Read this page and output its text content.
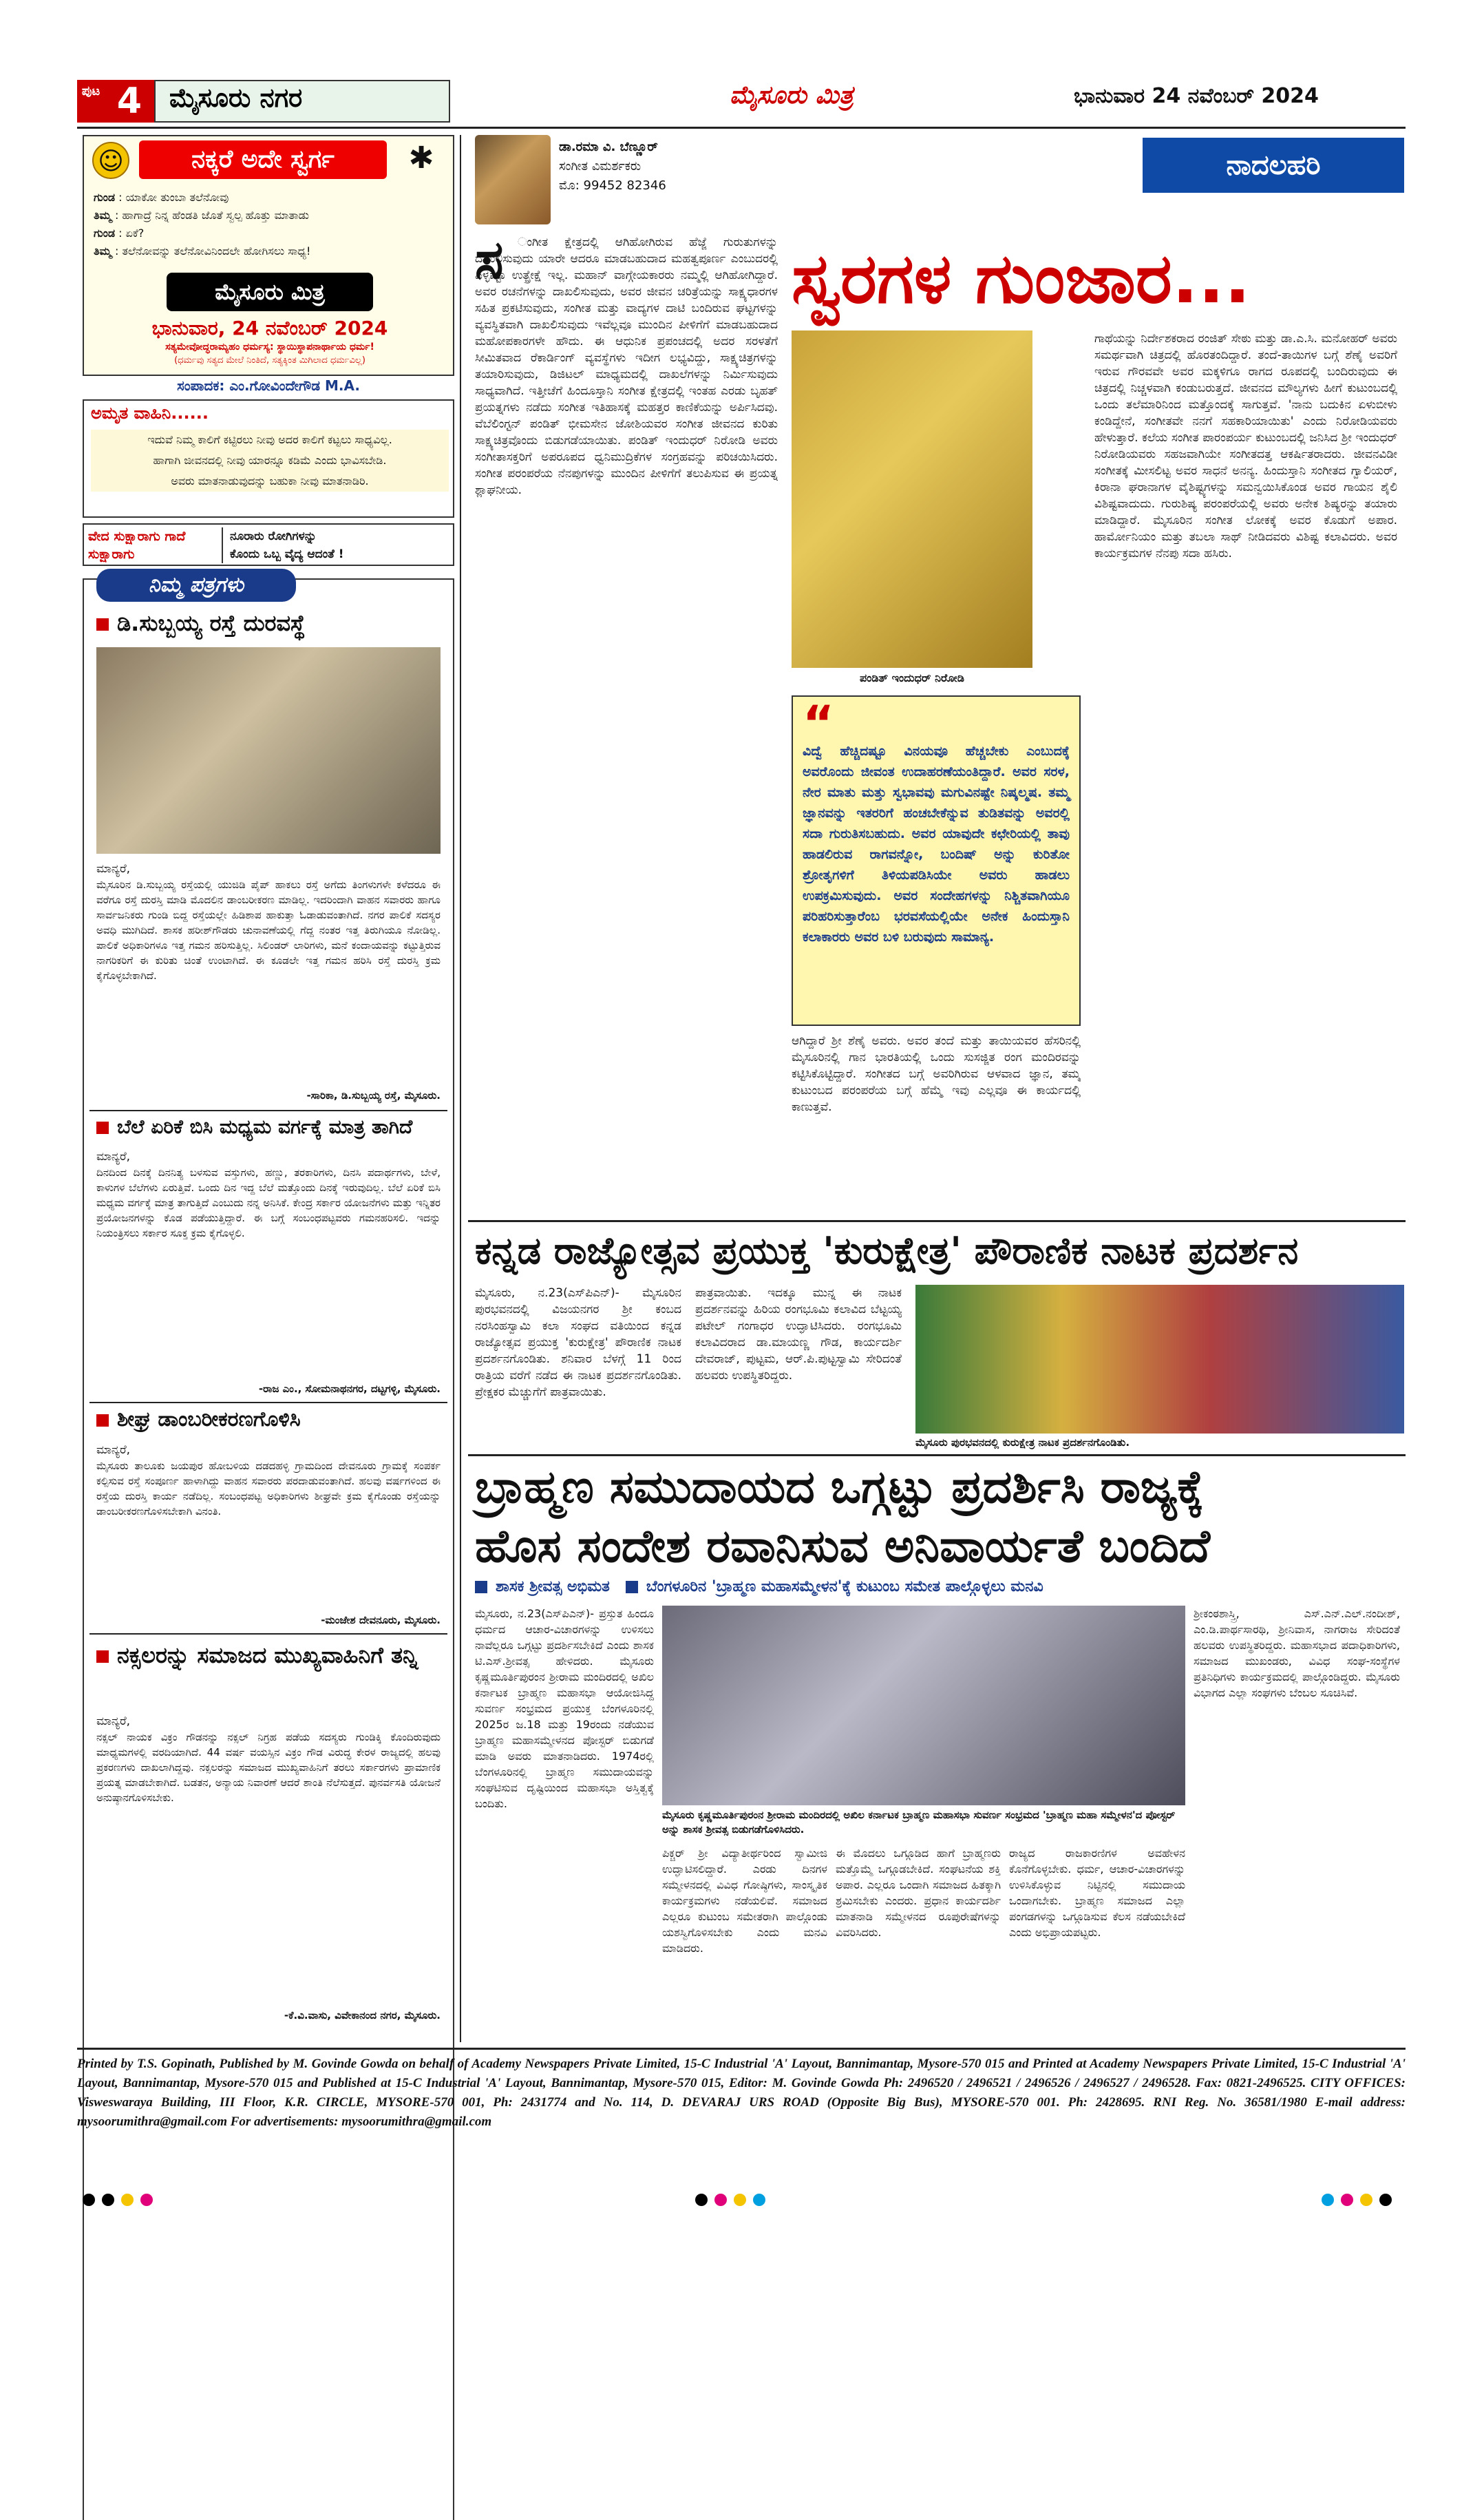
ಪುಟ 4	ಮೈಸೂರು ನಗರ	ಮೈಸೂರು ಮಿತ್ರ	ಭಾನುವಾರ 24 ನವೆಂಬರ್ 2024
☺	ನಕ್ಕರೆ ಅದೇ ಸ್ವರ್ಗ	✱
ಗುಂಡ : ಯಾಕೋ ತುಂಬಾ ತಲೆನೋವು
ತಿಮ್ಮ : ಹಾಗಾದ್ರೆ ನಿನ್ನ ಹೆಂಡತಿ ಜೊತೆ ಸ್ವಲ್ಪ ಹೊತ್ತು ಮಾತಾಡು
ಗುಂಡ : ಏಕೆ?
ತಿಮ್ಮ : ತಲೆನೋವನ್ನು ತಲೆನೋವಿನಿಂದಲೇ ಹೋಗಿಸಲು ಸಾಧ್ಯ!
ಮೈಸೂರು ಮಿತ್ರ
ಭಾನುವಾರ, 24 ನವೆಂಬರ್ 2024
ಸತ್ಯಮೇವೋದ್ಧರಾಮ್ಯಹಂ ಧರ್ಮಸ್ಯ: ಸ್ಥಾಯಿಸ್ಥಾಪನಾರ್ಥಾಯ ಧರ್ಮ!
(ಧರ್ಮವು ಸತ್ಯದ ಮೇಲೆ ನಿಂತಿದೆ, ಸತ್ಯಕ್ಕಿಂತ ಮಿಗಿಲಾದ ಧರ್ಮವಿಲ್ಲ)
ಸಂಪಾದಕ: ಎಂ.ಗೋವಿಂದೇಗೌಡ M.A.
ಅಮೃತ ವಾಹಿನಿ......
ಇದುವೆ ನಿಮ್ಮ ಕಾಲಿಗೆ ಕಟ್ಟಿರಲು ನೀವು ಅದರ ಕಾಲಿಗೆ ಕಟ್ಟಲು ಸಾಧ್ಯವಿಲ್ಲ.
ಹಾಗಾಗಿ ಜೀವನದಲ್ಲಿ ನೀವು ಯಾರನ್ನೂ ಕಡಿಮೆ ಎಂದು ಭಾವಿಸಬೇಡಿ.
ಅವರು ಮಾತನಾಡುವುದನ್ನು ಬಹುಕಾ ನೀವು ಮಾತನಾಡಿರಿ.
ವೇದ ಸುಕ್ಷಾರಾಗು ಗಾದೆ ಸುಕ್ಷಾರಾಗು
ನೂರಾರು ರೋಗಿಗಳನ್ನು
ಕೊಂದು ಒಬ್ಬ ವೈದ್ಯ ಆದಂತೆ !
ನಿಮ್ಮ ಪತ್ರಗಳು
ಡಿ.ಸುಬ್ಬಯ್ಯ ರಸ್ತೆ ದುರವಸ್ಥೆ
ಮಾನ್ಯರೆ,
ಮೈಸೂರಿನ ಡಿ.ಸುಬ್ಬಯ್ಯ ರಸ್ತೆಯಲ್ಲಿ ಯುಜಿಡಿ ಪೈಪ್ ಹಾಕಲು ರಸ್ತೆ ಅಗೆದು ತಿಂಗಳುಗಳೇ ಕಳೆದರೂ ಈ ವರೆಗೂ ರಸ್ತೆ ದುರಸ್ತಿ ಮಾಡಿ ಮೊದಲಿನ ಡಾಂಬರೀಕರಣ ಮಾಡಿಲ್ಲ. ಇದರಿಂದಾಗಿ ವಾಹನ ಸವಾರರು ಹಾಗೂ ಸಾರ್ವಜನಿಕರು ಗುಂಡಿ ಬಿದ್ದ ರಸ್ತೆಯಲ್ಲೇ ಹಿಡಿಶಾಪ ಹಾಕುತ್ತಾ ಓಡಾಡುವಂತಾಗಿದೆ. ನಗರ ಪಾಲಿಕೆ ಸದಸ್ಯರ ಅವಧಿ ಮುಗಿದಿದೆ. ಶಾಸಕ ಹರೀಶ್‌ಗೌಡರು ಚುನಾವಣೆಯಲ್ಲಿ ಗೆದ್ದ ನಂತರ ಇತ್ತ ತಿರುಗಿಯೂ ನೋಡಿಲ್ಲ. ಪಾಲಿಕೆ ಅಧಿಕಾರಿಗಳೂ ಇತ್ತ ಗಮನ ಹರಿಸುತ್ತಿಲ್ಲ. ಸಿಲಿಂಡರ್ ಲಾರಿಗಳು, ಮನೆ ಕಂದಾಯವನ್ನು ಕಟ್ಟುತ್ತಿರುವ ನಾಗರಿಕರಿಗೆ ಈ ಕುರಿತು ಚಿಂತೆ ಉಂಟಾಗಿದೆ. ಈ ಕೂಡಲೇ ಇತ್ತ ಗಮನ ಹರಿಸಿ ರಸ್ತೆ ದುರಸ್ತಿ ಕ್ರಮ ಕೈಗೊಳ್ಳಬೇಕಾಗಿದೆ.
-ಸಾರಿಕಾ, ಡಿ.ಸುಬ್ಬಯ್ಯ ರಸ್ತೆ, ಮೈಸೂರು.
ಬೆಲೆ ಏರಿಕೆ ಬಿಸಿ ಮಧ್ಯಮ ವರ್ಗಕ್ಕೆ ಮಾತ್ರ ತಾಗಿದೆ
ಮಾನ್ಯರೆ,
ದಿನದಿಂದ ದಿನಕ್ಕೆ ದಿನನಿತ್ಯ ಬಳಸುವ ವಸ್ತುಗಳು, ಹಣ್ಣು, ತರಕಾರಿಗಳು, ದಿನಸಿ ಪದಾರ್ಥಗಳು, ಬೇಳೆ, ಕಾಳುಗಳ ಬೆಲೆಗಳು ಏರುತ್ತಿವೆ. ಒಂದು ದಿನ ಇದ್ದ ಬೆಲೆ ಮತ್ತೊಂದು ದಿನಕ್ಕೆ ಇರುವುದಿಲ್ಲ. ಬೆಲೆ ಏರಿಕೆ ಬಿಸಿ ಮಧ್ಯಮ ವರ್ಗಕ್ಕೆ ಮಾತ್ರ ತಾಗುತ್ತಿದೆ ಎಂಬುದು ನನ್ನ ಅನಿಸಿಕೆ. ಕೇಂದ್ರ ಸರ್ಕಾರ ಯೋಜನೆಗಳು ಮತ್ತು ಇನ್ನಿತರ ಪ್ರಯೋಜನಗಳನ್ನು ಕೊಡ ಪಡೆಯುತ್ತಿದ್ದಾರೆ. ಈ ಬಗ್ಗೆ ಸಂಬಂಧಪಟ್ಟವರು ಗಮನಹರಿಸಲಿ. ಇದನ್ನು ನಿಯಂತ್ರಿಸಲು ಸರ್ಕಾರ ಸೂಕ್ತ ಕ್ರಮ ಕೈಗೊಳ್ಳಲಿ.
-ರಾಜ ಎಂ., ಸೋಮನಾಥನಗರ, ದಟ್ಟಗಳ್ಳಿ, ಮೈಸೂರು.
ಶೀಘ್ರ ಡಾಂಬರೀಕರಣಗೊಳಿಸಿ
ಮಾನ್ಯರೆ,
ಮೈಸೂರು ತಾಲೂಕು ಜಯಪುರ ಹೋಬಳಿಯ ದಡದಹಳ್ಳಿ ಗ್ರಾಮದಿಂದ ದೇವನೂರು ಗ್ರಾಮಕ್ಕೆ ಸಂಪರ್ಕ ಕಲ್ಪಿಸುವ ರಸ್ತೆ ಸಂಪೂರ್ಣ ಹಾಳಾಗಿದ್ದು ವಾಹನ ಸವಾರರು ಪರದಾಡುವಂತಾಗಿದೆ. ಹಲವು ವರ್ಷಗಳಿಂದ ಈ ರಸ್ತೆಯ ದುರಸ್ತಿ ಕಾರ್ಯ ನಡೆದಿಲ್ಲ. ಸಂಬಂಧಪಟ್ಟ ಅಧಿಕಾರಿಗಳು ಶೀಘ್ರವೇ ಕ್ರಮ ಕೈಗೊಂಡು ರಸ್ತೆಯನ್ನು ಡಾಂಬರೀಕರಣಗೊಳಿಸಬೇಕಾಗಿ ವಿನಂತಿ.
-ಮಂಜೇಶ ದೇವನೂರು, ಮೈಸೂರು.
ನಕ್ಸಲರನ್ನು ಸಮಾಜದ ಮುಖ್ಯವಾಹಿನಿಗೆ ತನ್ನಿ
ಮಾನ್ಯರೆ,
ನಕ್ಸಲ್ ನಾಯಕ ವಿಕ್ರಂ ಗೌಡನನ್ನು ನಕ್ಸಲ್ ನಿಗ್ರಹ ಪಡೆಯ ಸದಸ್ಯರು ಗುಂಡಿಕ್ಕಿ ಕೊಂದಿರುವುದು ಮಾಧ್ಯಮಗಳಲ್ಲಿ ವರದಿಯಾಗಿದೆ. 44 ವರ್ಷ ವಯಸ್ಸಿನ ವಿಕ್ರಂ ಗೌಡ ವಿರುದ್ಧ ಕೇರಳ ರಾಜ್ಯದಲ್ಲಿ ಹಲವು ಪ್ರಕರಣಗಳು ದಾಖಲಾಗಿದ್ದವು. ನಕ್ಸಲರನ್ನು ಸಮಾಜದ ಮುಖ್ಯವಾಹಿನಿಗೆ ತರಲು ಸರ್ಕಾರಗಳು ಪ್ರಾಮಾಣಿಕ ಪ್ರಯತ್ನ ಮಾಡಬೇಕಾಗಿದೆ. ಬಡತನ, ಅನ್ಯಾಯ ನಿವಾರಣೆ ಆದರೆ ಶಾಂತಿ ನೆಲೆಸುತ್ತದೆ. ಪುನರ್ವಸತಿ ಯೋಜನೆ ಅನುಷ್ಠಾನಗೊಳಿಸಬೇಕು.
-ಕೆ.ವಿ.ವಾಸು, ವಿವೇಕಾನಂದ ನಗರ, ಮೈಸೂರು.
ಡಾ.ರಮಾ ವಿ. ಬೆಣ್ಣೂರ್
ಸಂಗೀತ ವಿಮರ್ಶಕರು
ಮೊ: 99452 82346
ನಾದಲಹರಿ
ಸ್ವರಗಳ ಗುಂಜಾರ...
ಸ	ಂಗೀತ ಕ್ಷೇತ್ರದಲ್ಲಿ ಆಗಿಹೋಗಿರುವ ಹೆಜ್ಜೆ ಗುರುತುಗಳನ್ನು ದಾಖಲಿಸುವುದು ಯಾರೇ ಆದರೂ ಮಾಡಬಹುದಾದ ಮಹತ್ವಪೂರ್ಣ ಎಂಬುದರಲ್ಲಿ ಎಳ್ಳಷ್ಟೂ ಉತ್ಪ್ರೇಕ್ಷೆ ಇಲ್ಲ. ಮಹಾನ್ ವಾಗ್ಗೇಯಕಾರರು ನಮ್ಮಲ್ಲಿ ಆಗಿಹೋಗಿದ್ದಾರೆ. ಅವರ ರಚನೆಗಳನ್ನು ದಾಖಲಿಸುವುದು, ಅವರ ಜೀವನ ಚರಿತ್ರೆಯನ್ನು ಸಾಕ್ಷ್ಯಧಾರಗಳ ಸಹಿತ ಪ್ರಕಟಿಸುವುದು, ಸಂಗೀತ ಮತ್ತು ವಾದ್ಯಗಳ ದಾಟಿ ಬಂದಿರುವ ಘಟ್ಟಗಳನ್ನು ವ್ಯವಸ್ಥಿತವಾಗಿ ದಾಖಲಿಸುವುದು ಇವೆಲ್ಲವೂ ಮುಂದಿನ ಪೀಳಿಗೆಗೆ ಮಾಡಬಹುದಾದ ಮಹೋಪಕಾರಗಳೇ ಹೌದು. ಈ ಆಧುನಿಕ ಪ್ರಪಂಚದಲ್ಲಿ ಅದರ ಸರಳತೆಗೆ ಸೀಮಿತವಾದ ರೆಕಾರ್ಡಿಂಗ್ ವ್ಯವಸ್ಥೆಗಳು ಇದೀಗ ಲಭ್ಯವಿದ್ದು, ಸಾಕ್ಷ್ಯಚಿತ್ರಗಳನ್ನು ತಯಾರಿಸುವುದು, ಡಿಜಿಟಲ್ ಮಾಧ್ಯಮದಲ್ಲಿ ದಾಖಲೆಗಳನ್ನು ನಿರ್ಮಿಸುವುದು ಸಾಧ್ಯವಾಗಿದೆ. ಇತ್ತೀಚೆಗೆ ಹಿಂದೂಸ್ತಾನಿ ಸಂಗೀತ ಕ್ಷೇತ್ರದಲ್ಲಿ ಇಂತಹ ಎರಡು ಬೃಹತ್ ಪ್ರಯತ್ನಗಳು ನಡೆದು ಸಂಗೀತ ಇತಿಹಾಸಕ್ಕೆ ಮಹತ್ತರ ಕಾಣಿಕೆಯನ್ನು ಅರ್ಪಿಸಿದವು. ವೆಬೆಲಿಂಗ್ಟನ್ ಪಂಡಿತ್ ಭೀಮಸೇನ ಜೋಶಿಯವರ ಸಂಗೀತ ಜೀವನದ ಕುರಿತು ಸಾಕ್ಷ್ಯಚಿತ್ರವೊಂದು ಬಿಡುಗಡೆಯಾಯಿತು. ಪಂಡಿತ್ ಇಂದುಧರ್ ನಿರೋಡಿ ಅವರು ಸಂಗೀತಾಸಕ್ತರಿಗೆ ಅಪರೂಪದ ಧ್ವನಿಮುದ್ರಿಕೆಗಳ ಸಂಗ್ರಹವನ್ನು ಪರಿಚಯಿಸಿದರು. ಸಂಗೀತ ಪರಂಪರೆಯ ನೆನಪುಗಳನ್ನು ಮುಂದಿನ ಪೀಳಿಗೆಗೆ ತಲುಪಿಸುವ ಈ ಪ್ರಯತ್ನ ಶ್ಲಾಘನೀಯ.
ಪಂಡಿತ್ ಇಂದುಧರ್ ನಿರೋಡಿ
“
ವಿದ್ವೆ ಹೆಚ್ಚಿದಷ್ಟೂ ವಿನಯವೂ ಹೆಚ್ಚಬೇಕು ಎಂಬುದಕ್ಕೆ ಅವರೊಂದು ಜೀವಂತ ಉದಾಹರಣೆಯಂತಿದ್ದಾರೆ. ಅವರ ಸರಳ, ನೇರ ಮಾತು ಮತ್ತು ಸ್ವಭಾವವು ಮಗುವಿನಷ್ಟೇ ನಿಷ್ಕಲ್ಮಷ. ತಮ್ಮ ಜ್ಞಾನವನ್ನು ಇತರರಿಗೆ ಹಂಚಬೇಕೆನ್ನುವ ತುಡಿತವನ್ನು ಅವರಲ್ಲಿ ಸದಾ ಗುರುತಿಸಬಹುದು. ಅವರ ಯಾವುದೇ ಕಛೇರಿಯಲ್ಲಿ ತಾವು ಹಾಡಲಿರುವ ರಾಗವನ್ನೋ, ಬಂದಿಷ್ ಅನ್ನು ಕುರಿತೋ ಶ್ರೋತೃಗಳಿಗೆ ತಿಳಿಯಪಡಿಸಿಯೇ ಅವರು ಹಾಡಲು ಉಪಕ್ರಮಿಸುವುದು. ಅವರ ಸಂದೇಹಗಳನ್ನು ನಿಶ್ಚಿತವಾಗಿಯೂ ಪರಿಹರಿಸುತ್ತಾರೆಂಬ ಭರವಸೆಯಲ್ಲಿಯೇ ಅನೇಕ ಹಿಂದುಸ್ತಾನಿ ಕಲಾಕಾರರು ಅವರ ಬಳಿ ಬರುವುದು ಸಾಮಾನ್ಯ.
ಆಗಿದ್ದಾರೆ ಶ್ರೀ ಶೆಣೈ ಅವರು. ಅವರ ತಂದೆ ಮತ್ತು ತಾಯಿಯವರ ಹೆಸರಿನಲ್ಲಿ ಮೈಸೂರಿನಲ್ಲಿ ಗಾನ ಭಾರತಿಯಲ್ಲಿ ಒಂದು ಸುಸಜ್ಜಿತ ರಂಗ ಮಂದಿರವನ್ನು ಕಟ್ಟಿಸಿಕೊಟ್ಟಿದ್ದಾರೆ. ಸಂಗೀತದ ಬಗ್ಗೆ ಅವರಿಗಿರುವ ಆಳವಾದ ಜ್ಞಾನ, ತಮ್ಮ ಕುಟುಂಬದ ಪರಂಪರೆಯ ಬಗ್ಗೆ ಹೆಮ್ಮೆ ಇವು ಎಲ್ಲವೂ ಈ ಕಾರ್ಯದಲ್ಲಿ ಕಾಣುತ್ತವೆ.
ಗಾಥೆಯನ್ನು ನಿರ್ದೇಶಕರಾದ ರಂಜಿತ್ ಸೇಠು ಮತ್ತು ಡಾ.ಎ.ಸಿ. ಮನೋಹರ್ ಅವರು ಸಮರ್ಥವಾಗಿ ಚಿತ್ರದಲ್ಲಿ ಹೊರತಂದಿದ್ದಾರೆ. ತಂದೆ-ತಾಯಿಗಳ ಬಗ್ಗೆ ಶೆಣೈ ಅವರಿಗೆ ಇರುವ ಗೌರವವೇ ಅವರ ಮಕ್ಕಳಿಗೂ ರಾಗದ ರೂಪದಲ್ಲಿ ಬಂದಿರುವುದು ಈ ಚಿತ್ರದಲ್ಲಿ ನಿಚ್ಚಳವಾಗಿ ಕಂಡುಬರುತ್ತದೆ. ಜೀವನದ ಮೌಲ್ಯಗಳು ಹೀಗೆ ಕುಟುಂಬದಲ್ಲಿ ಒಂದು ತಲೆಮಾರಿನಿಂದ ಮತ್ತೊಂದಕ್ಕೆ ಸಾಗುತ್ತವೆ. 'ನಾನು ಬದುಕಿನ ಏಳುಬೀಳು ಕಂಡಿದ್ದೇನೆ, ಸಂಗೀತವೇ ನನಗೆ ಸಹಕಾರಿಯಾಯಿತು' ಎಂದು ನಿರೋಡಿಯವರು ಹೇಳುತ್ತಾರೆ. ಕಲೆಯ ಸಂಗೀತ ಪಾರಂಪರ್ಯ ಕುಟುಂಬದಲ್ಲಿ ಜನಿಸಿದ ಶ್ರೀ ಇಂದುಧರ್ ನಿರೋಡಿಯವರು ಸಹಜವಾಗಿಯೇ ಸಂಗೀತದತ್ತ ಆಕರ್ಷಿತರಾದರು. ಜೀವನವಿಡೀ ಸಂಗೀತಕ್ಕೆ ಮೀಸಲಿಟ್ಟ ಅವರ ಸಾಧನೆ ಅನನ್ಯ. ಹಿಂದುಸ್ತಾನಿ ಸಂಗೀತದ ಗ್ವಾಲಿಯರ್, ಕಿರಾನಾ ಘರಾನಾಗಳ ವೈಶಿಷ್ಟ್ಯಗಳನ್ನು ಸಮನ್ವಯಿಸಿಕೊಂಡ ಅವರ ಗಾಯನ ಶೈಲಿ ವಿಶಿಷ್ಟವಾದುದು. ಗುರುಶಿಷ್ಯ ಪರಂಪರೆಯಲ್ಲಿ ಅವರು ಅನೇಕ ಶಿಷ್ಯರನ್ನು ತಯಾರು ಮಾಡಿದ್ದಾರೆ. ಮೈಸೂರಿನ ಸಂಗೀತ ಲೋಕಕ್ಕೆ ಅವರ ಕೊಡುಗೆ ಅಪಾರ. ಹಾರ್ಮೋನಿಯಂ ಮತ್ತು ತಬಲಾ ಸಾಥ್ ನೀಡಿದವರು ವಿಶಿಷ್ಟ ಕಲಾವಿದರು. ಅವರ ಕಾರ್ಯಕ್ರಮಗಳ ನೆನಪು ಸದಾ ಹಸಿರು.
ಕನ್ನಡ ರಾಜ್ಯೋತ್ಸವ ಪ್ರಯುಕ್ತ 'ಕುರುಕ್ಷೇತ್ರ' ಪೌರಾಣಿಕ ನಾಟಕ ಪ್ರದರ್ಶನ
ಮೈಸೂರು, ನ.23(ಎಸ್‌ಪಿಎನ್)- ಮೈಸೂರಿನ ಪುರಭವನದಲ್ಲಿ ವಿಜಯನಗರ ಶ್ರೀ ಕಂಬದ ನರಸಿಂಹಸ್ವಾಮಿ ಕಲಾ ಸಂಘದ ವತಿಯಿಂದ ಕನ್ನಡ ರಾಜ್ಯೋತ್ಸವ ಪ್ರಯುಕ್ತ 'ಕುರುಕ್ಷೇತ್ರ' ಪೌರಾಣಿಕ ನಾಟಕ ಪ್ರದರ್ಶನಗೊಂಡಿತು. ಶನಿವಾರ ಬೆಳಗ್ಗೆ 11 ರಿಂದ ರಾತ್ರಿಯ ವರೆಗೆ ನಡೆದ ಈ ನಾಟಕ ಪ್ರದರ್ಶನಗೊಂಡಿತು. ಪ್ರೇಕ್ಷಕರ ಮೆಚ್ಚುಗೆಗೆ ಪಾತ್ರವಾಯಿತು.
ಪಾತ್ರವಾಯಿತು. ಇದಕ್ಕೂ ಮುನ್ನ ಈ ನಾಟಕ ಪ್ರದರ್ಶನವನ್ನು ಹಿರಿಯ ರಂಗಭೂಮಿ ಕಲಾವಿದ ಬೆಟ್ಟಯ್ಯ ಪಟೇಲ್ ಗಂಗಾಧರ ಉದ್ಘಾಟಿಸಿದರು. ರಂಗಭೂಮಿ ಕಲಾವಿದರಾದ ಡಾ.ಮಾಯಣ್ಣ ಗೌಡ, ಕಾರ್ಯದರ್ಶಿ ದೇವರಾಜ್, ಪುಟ್ಟಮ, ಆರ್.ಪಿ.ಪುಟ್ಟಸ್ವಾಮಿ ಸೇರಿದಂತೆ ಹಲವರು ಉಪಸ್ಥಿತರಿದ್ದರು.
ಮೈಸೂರು ಪುರಭವನದಲ್ಲಿ ಕುರುಕ್ಷೇತ್ರ ನಾಟಕ ಪ್ರದರ್ಶನಗೊಂಡಿತು.
ಬ್ರಾಹ್ಮಣ ಸಮುದಾಯದ ಒಗ್ಗಟ್ಟು ಪ್ರದರ್ಶಿಸಿ ರಾಜ್ಯಕ್ಕೆ
ಹೊಸ ಸಂದೇಶ ರವಾನಿಸುವ ಅನಿವಾರ್ಯತೆ ಬಂದಿದೆ
ಶಾಸಕ ಶ್ರೀವತ್ಸ ಅಭಿಮತ ಬೆಂಗಳೂರಿನ 'ಬ್ರಾಹ್ಮಣ ಮಹಾಸಮ್ಮೇಳನ'ಕ್ಕೆ ಕುಟುಂಬ ಸಮೇತ ಪಾಲ್ಗೊಳ್ಳಲು ಮನವಿ
ಮೈಸೂರು, ನ.23(ಎಸ್‌ಪಿಎನ್)- ಪ್ರಸ್ತುತ ಹಿಂದೂ ಧರ್ಮದ ಆಚಾರ-ವಿಚಾರಗಳನ್ನು ಉಳಿಸಲು ನಾವೆಲ್ಲರೂ ಒಗ್ಗಟ್ಟು ಪ್ರದರ್ಶಿಸಬೇಕಿದೆ ಎಂದು ಶಾಸಕ ಟಿ.ಎಸ್.ಶ್ರೀವತ್ಸ ಹೇಳಿದರು. ಮೈಸೂರು ಕೃಷ್ಣಮೂರ್ತಿಪುರಂನ ಶ್ರೀರಾಮ ಮಂದಿರದಲ್ಲಿ ಅಖಿಲ ಕರ್ನಾಟಕ ಬ್ರಾಹ್ಮಣ ಮಹಾಸಭಾ ಆಯೋಜಿಸಿದ್ದ ಸುವರ್ಣ ಸಂಭ್ರಮದ ಪ್ರಯುಕ್ತ ಬೆಂಗಳೂರಿನಲ್ಲಿ 2025ರ ಜ.18 ಮತ್ತು 19ರಂದು ನಡೆಯುವ ಬ್ರಾಹ್ಮಣ ಮಹಾಸಮ್ಮೇಳನದ ಪೋಸ್ಟರ್ ಬಿಡುಗಡೆ ಮಾಡಿ ಅವರು ಮಾತನಾಡಿದರು. 1974ರಲ್ಲಿ ಬೆಂಗಳೂರಿನಲ್ಲಿ ಬ್ರಾಹ್ಮಣ ಸಮುದಾಯವನ್ನು ಸಂಘಟಿಸುವ ದೃಷ್ಟಿಯಿಂದ ಮಹಾಸಭಾ ಅಸ್ತಿತ್ವಕ್ಕೆ ಬಂದಿತು.
ಮೈಸೂರು ಕೃಷ್ಣಮೂರ್ತಿಪುರಂನ ಶ್ರೀರಾಮ ಮಂದಿರದಲ್ಲಿ ಅಖಿಲ ಕರ್ನಾಟಕ ಬ್ರಾಹ್ಮಣ ಮಹಾಸಭಾ ಸುವರ್ಣ ಸಂಭ್ರಮದ 'ಬ್ರಾಹ್ಮಣ ಮಹಾ ಸಮ್ಮೇಳನ'ದ ಪೋಸ್ಟರ್ ಅನ್ನು ಶಾಸಕ ಶ್ರೀವತ್ಸ ಬಿಡುಗಡೆಗೊಳಿಸಿದರು.
ಪಿಕ್ಚರ್ ಶ್ರೀ ವಿದ್ಯಾತೀರ್ಥರಿಂದ ಸ್ವಾಮೀಜಿ ಉದ್ಘಾಟಿಸಲಿದ್ದಾರೆ. ಎರಡು ದಿನಗಳ ಸಮ್ಮೇಳನದಲ್ಲಿ ವಿವಿಧ ಗೋಷ್ಠಿಗಳು, ಸಾಂಸ್ಕೃತಿಕ ಕಾರ್ಯಕ್ರಮಗಳು ನಡೆಯಲಿವೆ. ಸಮಾಜದ ಎಲ್ಲರೂ ಕುಟುಂಬ ಸಮೇತರಾಗಿ ಪಾಲ್ಗೊಂಡು ಯಶಸ್ವಿಗೊಳಿಸಬೇಕು ಎಂದು ಮನವಿ ಮಾಡಿದರು.
ಈ ಮೊದಲು ಒಗ್ಗೂಡಿದ ಹಾಗೆ ಬ್ರಾಹ್ಮಣರು ಮತ್ತೊಮ್ಮೆ ಒಗ್ಗೂಡಬೇಕಿದೆ. ಸಂಘಟನೆಯ ಶಕ್ತಿ ಅಪಾರ. ಎಲ್ಲರೂ ಒಂದಾಗಿ ಸಮಾಜದ ಹಿತಕ್ಕಾಗಿ ಶ್ರಮಿಸಬೇಕು ಎಂದರು. ಪ್ರಧಾನ ಕಾರ್ಯದರ್ಶಿ ಮಾತನಾಡಿ ಸಮ್ಮೇಳನದ ರೂಪುರೇಷೆಗಳನ್ನು ವಿವರಿಸಿದರು.
ರಾಜ್ಯದ ರಾಜಕಾರಣಿಗಳ ಅವಹೇಳನ ಕೊನೆಗೊಳ್ಳಬೇಕು. ಧರ್ಮ, ಆಚಾರ-ವಿಚಾರಗಳನ್ನು ಉಳಿಸಿಕೊಳ್ಳುವ ನಿಟ್ಟಿನಲ್ಲಿ ಸಮುದಾಯ ಒಂದಾಗಬೇಕು. ಬ್ರಾಹ್ಮಣ ಸಮಾಜದ ಎಲ್ಲಾ ಪಂಗಡಗಳನ್ನು ಒಗ್ಗೂಡಿಸುವ ಕೆಲಸ ನಡೆಯಬೇಕಿದೆ ಎಂದು ಅಭಿಪ್ರಾಯಪಟ್ಟರು.
ಶ್ರೀಕಂಠಶಾಸ್ತ್ರಿ, ಎಸ್.ಎನ್.ಎಲ್.ನಂದೀಶ್, ಎಂ.ಡಿ.ಪಾರ್ಥಸಾರಥಿ, ಶ್ರೀನಿವಾಸ, ನಾಗರಾಜ ಸೇರಿದಂತೆ ಹಲವರು ಉಪಸ್ಥಿತರಿದ್ದರು. ಮಹಾಸಭಾದ ಪದಾಧಿಕಾರಿಗಳು, ಸಮಾಜದ ಮುಖಂಡರು, ವಿವಿಧ ಸಂಘ-ಸಂಸ್ಥೆಗಳ ಪ್ರತಿನಿಧಿಗಳು ಕಾರ್ಯಕ್ರಮದಲ್ಲಿ ಪಾಲ್ಗೊಂಡಿದ್ದರು. ಮೈಸೂರು ವಿಭಾಗದ ಎಲ್ಲಾ ಸಂಘಗಳು ಬೆಂಬಲ ಸೂಚಿಸಿವೆ.
Printed by T.S. Gopinath, Published by M. Govinde Gowda on behalf of Academy Newspapers Private Limited, 15-C Industrial 'A' Layout, Bannimantap, Mysore-570 015 and Printed at Academy Newspapers Private Limited, 15-C Industrial 'A' Layout, Bannimantap, Mysore-570 015 and Published at 15-C Industrial 'A' Layout, Bannimantap, Mysore-570 015, Editor: M. Govinde Gowda Ph: 2496520 / 2496521 / 2496526 / 2496527 / 2496528. Fax: 0821-2496525. CITY OFFICES: Visweswaraya Building, III Floor, K.R. CIRCLE, MYSORE-570 001, Ph: 2431774 and No. 114, D. DEVARAJ URS ROAD (Opposite Big Bus), MYSORE-570 001. Ph: 2428695. RNI Reg. No. 36581/1980 E-mail address: mysoorumithra@gmail.com For advertisements: mysoorumithra@gmail.com
